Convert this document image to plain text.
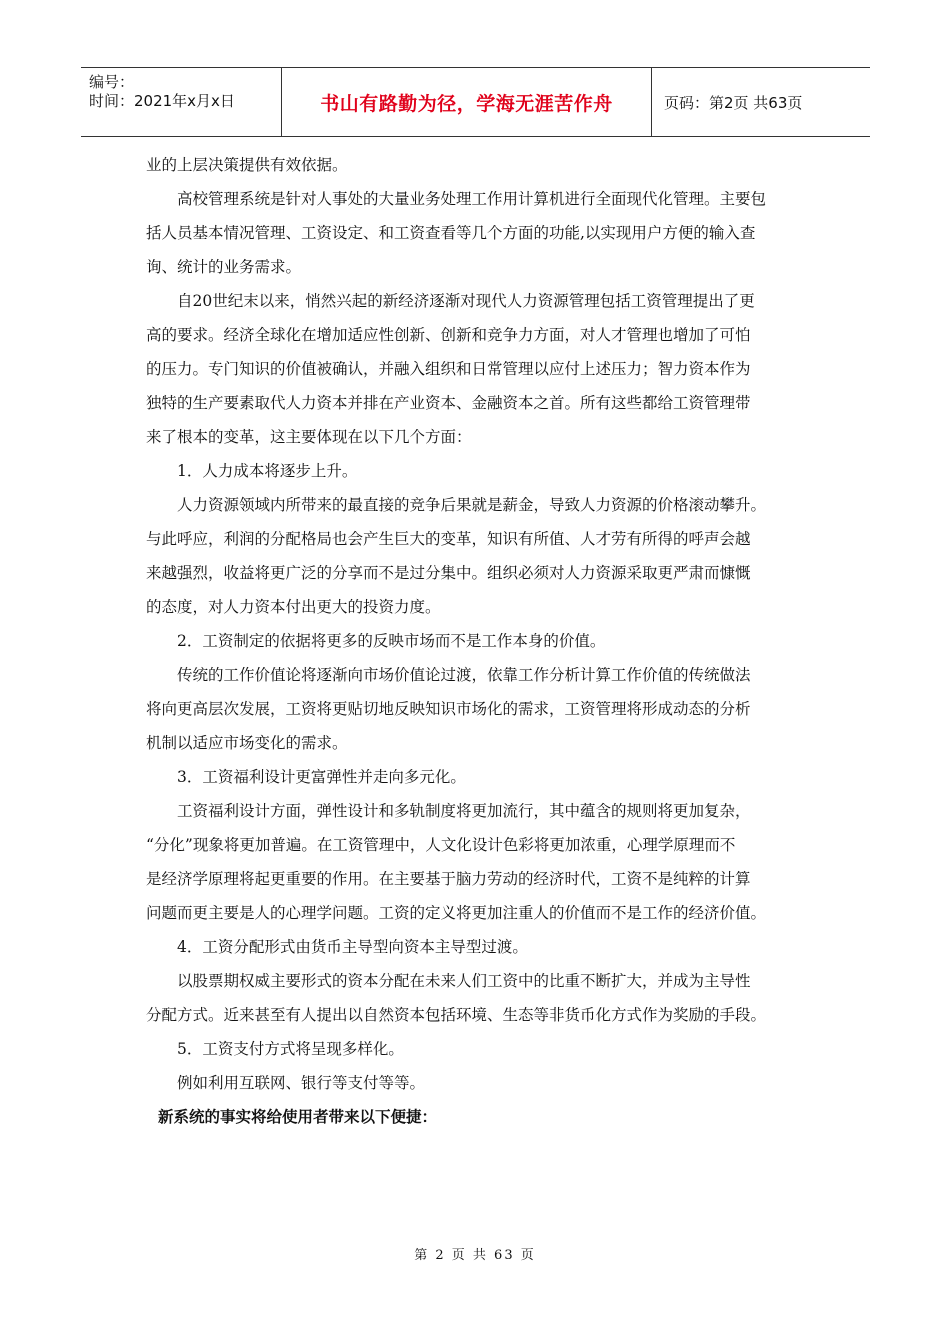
编号：
时间：2021年x月x日	书山有路勤为径，学海无涯苦作舟	页码：第2页 共63页
业的上层决策提供有效依据。
高校管理系统是针对人事处的大量业务处理工作用计算机进行全面现代化管理。主要包
括人员基本情况管理、工资设定、和工资查看等几个方面的功能,以实现用户方便的输入查
询、统计的业务需求。
自20世纪末以来，悄然兴起的新经济逐渐对现代人力资源管理包括工资管理提出了更
高的要求。经济全球化在增加适应性创新、创新和竞争力方面，对人才管理也增加了可怕
的压力。专门知识的价值被确认，并融入组织和日常管理以应付上述压力；智力资本作为
独特的生产要素取代人力资本并排在产业资本、金融资本之首。所有这些都给工资管理带
来了根本的变革，这主要体现在以下几个方面：
1．人力成本将逐步上升。
人力资源领域内所带来的最直接的竞争后果就是薪金，导致人力资源的价格滚动攀升。
与此呼应，利润的分配格局也会产生巨大的变革，知识有所值、人才劳有所得的呼声会越
来越强烈，收益将更广泛的分享而不是过分集中。组织必须对人力资源采取更严肃而慷慨
的态度，对人力资本付出更大的投资力度。
2．工资制定的依据将更多的反映市场而不是工作本身的价值。
传统的工作价值论将逐渐向市场价值论过渡，依靠工作分析计算工作价值的传统做法
将向更高层次发展，工资将更贴切地反映知识市场化的需求，工资管理将形成动态的分析
机制以适应市场变化的需求。
3．工资福利设计更富弹性并走向多元化。
工资福利设计方面，弹性设计和多轨制度将更加流行，其中蕴含的规则将更加复杂，
“分化”现象将更加普遍。在工资管理中，人文化设计色彩将更加浓重，心理学原理而不
是经济学原理将起更重要的作用。在主要基于脑力劳动的经济时代，工资不是纯粹的计算
问题而更主要是人的心理学问题。工资的定义将更加注重人的价值而不是工作的经济价值。
4．工资分配形式由货币主导型向资本主导型过渡。
以股票期权威主要形式的资本分配在未来人们工资中的比重不断扩大，并成为主导性
分配方式。近来甚至有人提出以自然资本包括环境、生态等非货币化方式作为奖励的手段。
5．工资支付方式将呈现多样化。
例如利用互联网、银行等支付等等。
新系统的事实将给使用者带来以下便捷：
第 2 页 共 63 页
